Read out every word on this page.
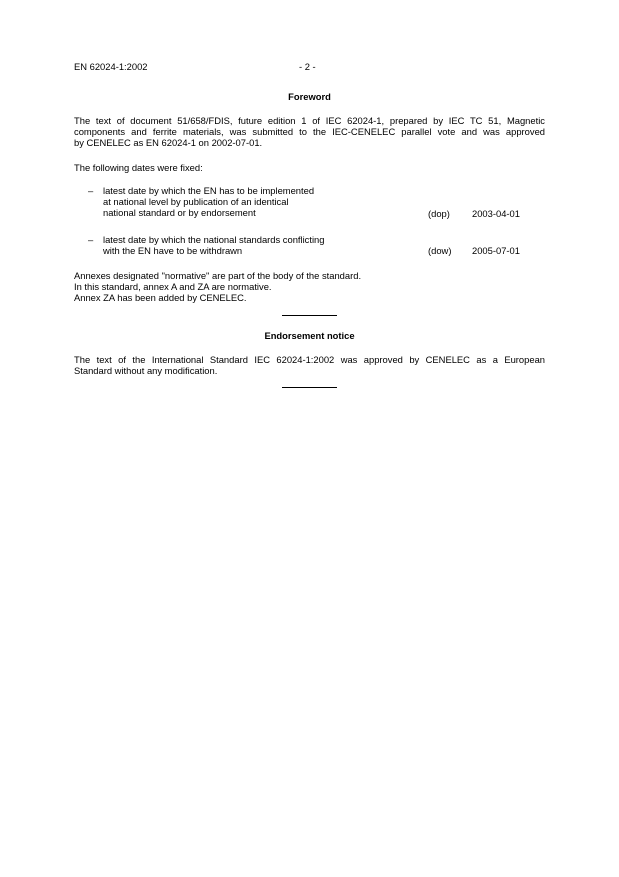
EN 62024-1:2002	- 2 -
Foreword
The text of document 51/658/FDIS, future edition 1 of IEC 62024-1, prepared by IEC TC 51, Magnetic
components and ferrite materials, was submitted to the IEC-CENELEC parallel vote and was approved
by CENELEC as EN 62024-1 on 2002-07-01.
The following dates were fixed:
– latest date by which the EN has to be implemented
at national level by publication of an identical
national standard or by endorsement	(dop) 2003-04-01
– latest date by which the national standards conflicting
with the EN have to be withdrawn	(dow) 2005-07-01
Annexes designated "normative" are part of the body of the standard.
In this standard, annex A and ZA are normative.
Annex ZA has been added by CENELEC.
Endorsement notice
The text of the International Standard IEC 62024-1:2002 was approved by CENELEC as a European
Standard without any modification.
